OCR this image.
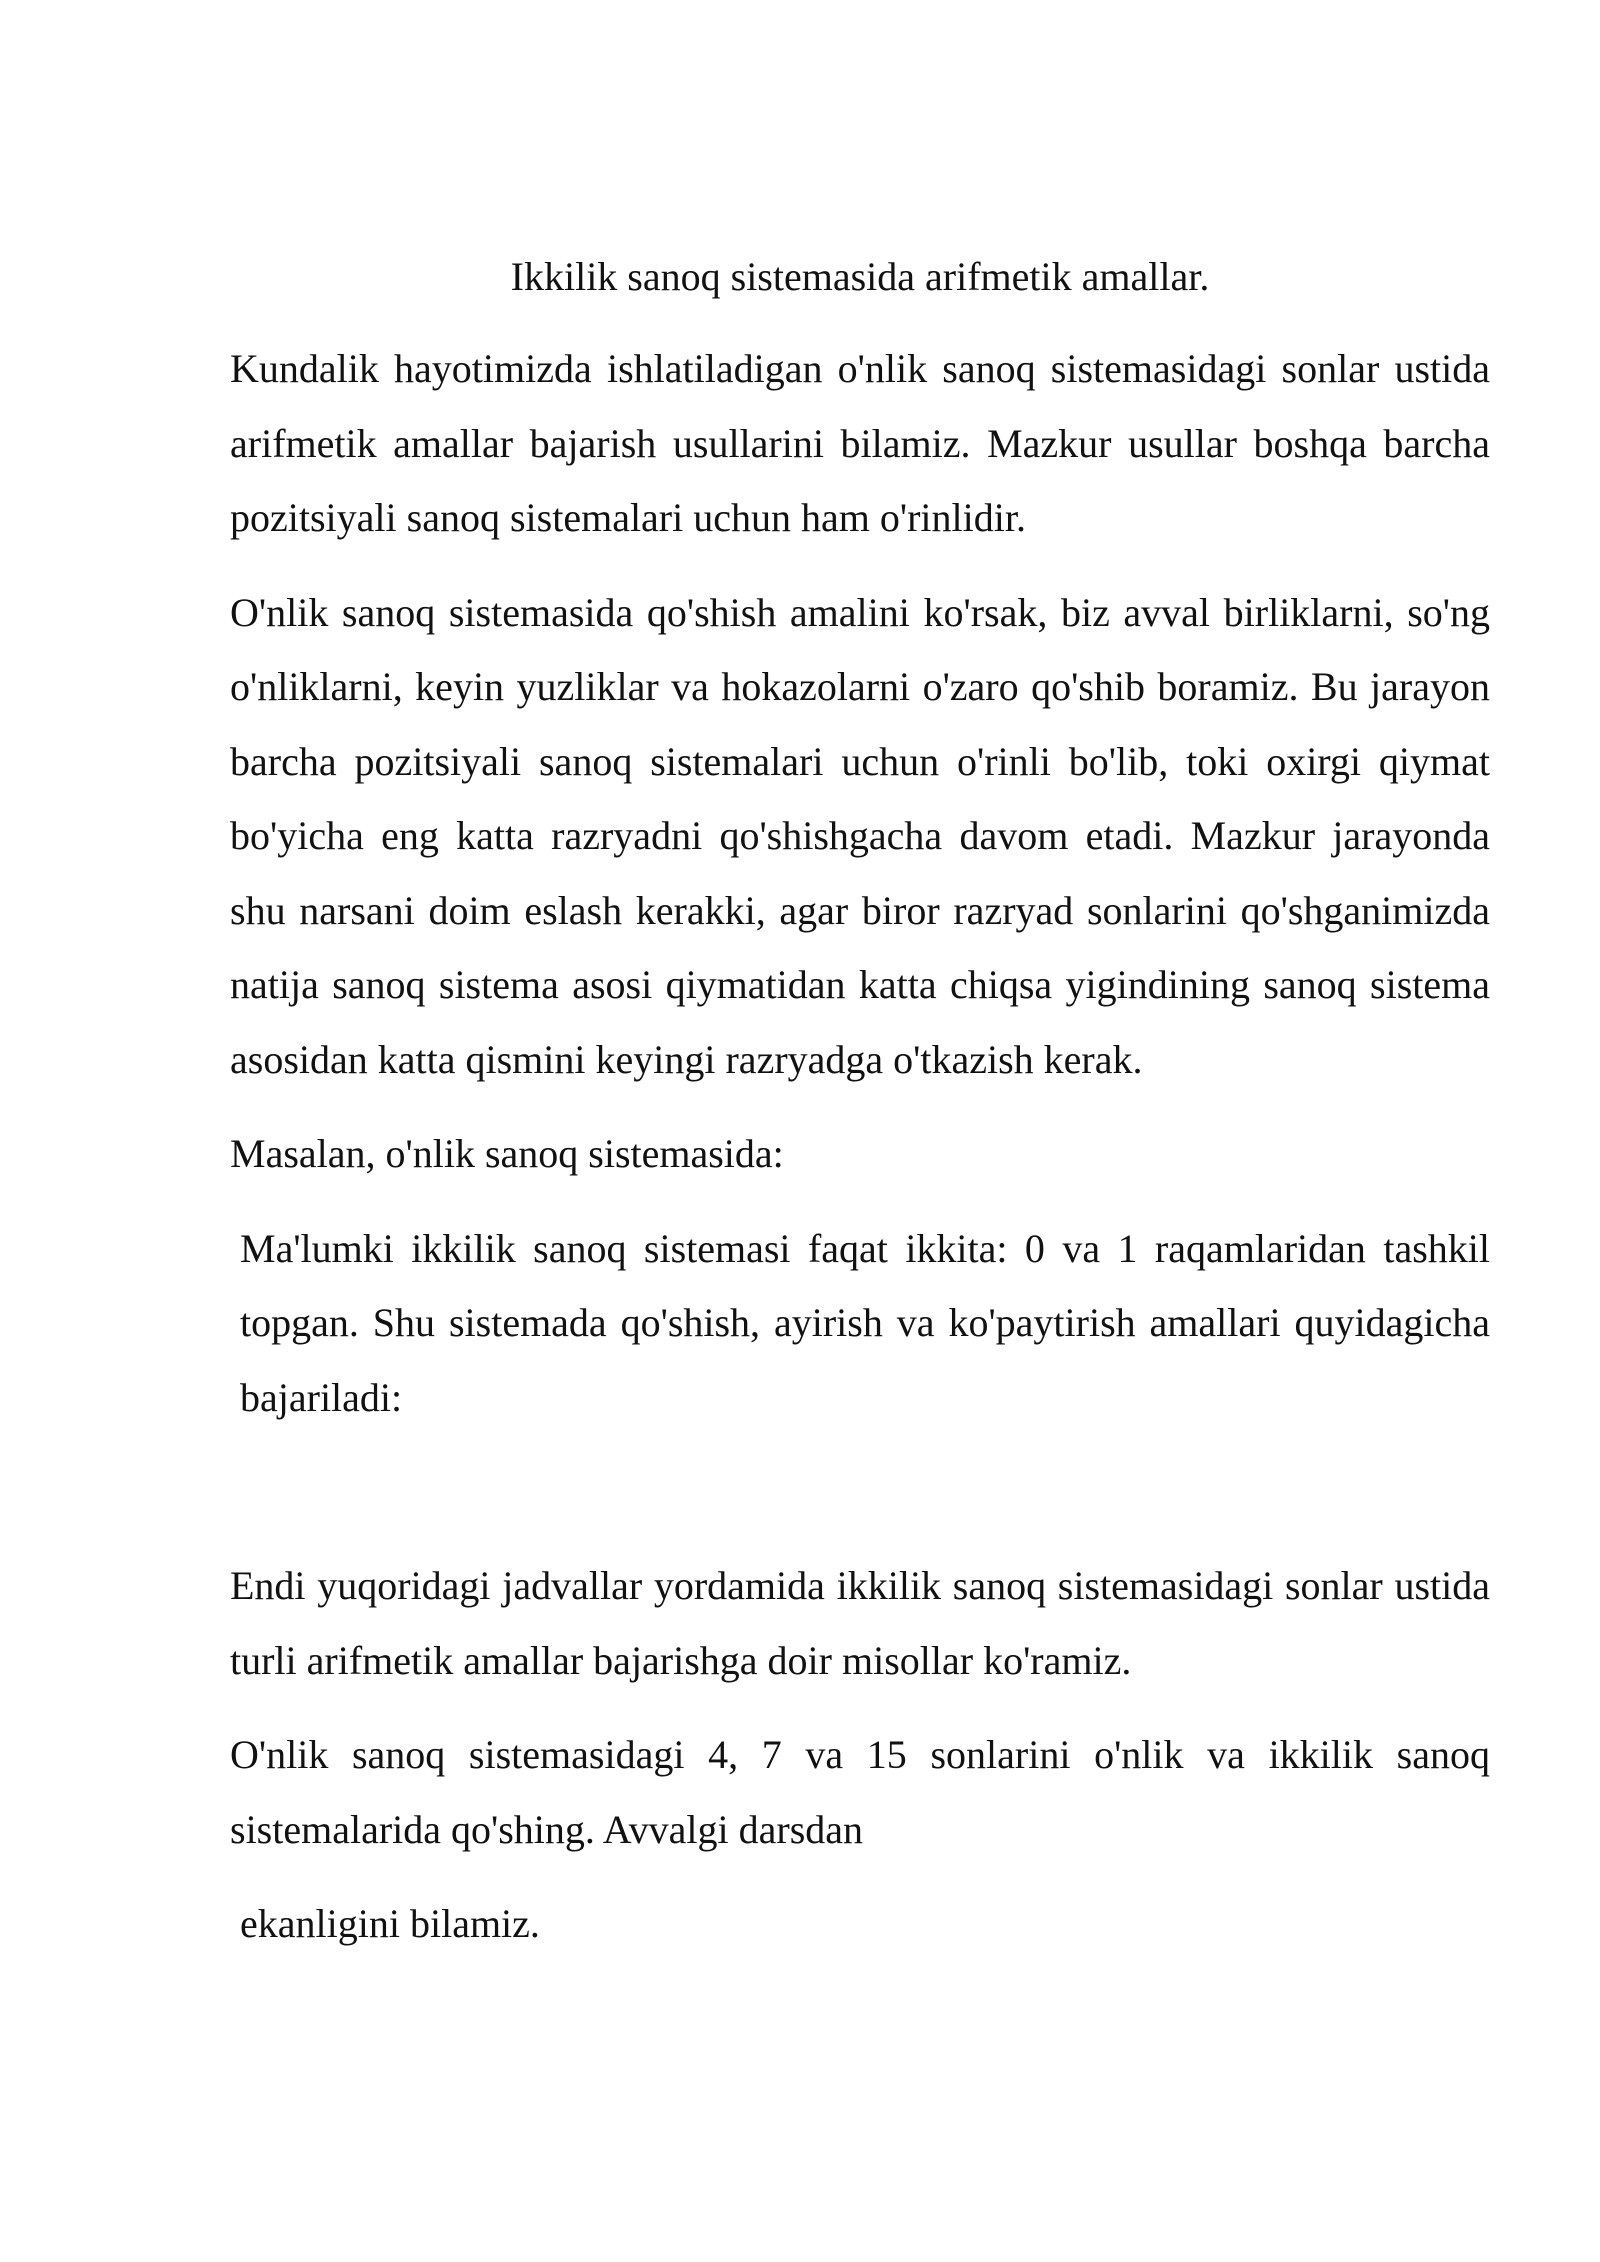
Ikkilik sanoq sistemasida arifmetik amallar.

Kundalik hayotimizda ishlatiladigan o'nlik sanoq sistemasidagi sonlar ustida arifmetik amallar bajarish usullarini bilamiz. Mazkur usullar boshqa barcha pozitsiyali sanoq sistemalari uchun ham o'rinlidir.

O'nlik sanoq sistemasida qo'shish amalini ko'rsak, biz avval birliklarni, so'ng o'nliklarni, keyin yuzliklar va hokazolarni o'zaro qo'shib boramiz. Bu jarayon barcha pozitsiyali sanoq sistemalari uchun o'rinli bo'lib, toki oxirgi qiymat bo'yicha eng katta razryadni qo'shishgacha davom etadi. Mazkur jarayonda shu narsani doim eslash kerakki, agar biror razryad sonlarini qo'shganimizda natija sanoq sistema asosi qiymatidan katta chiqsa yigindining sanoq sistema asosidan katta qismini keyingi razryadga o'tkazish kerak.

Masalan, o'nlik sanoq sistemasida:

Ma'lumki ikkilik sanoq sistemasi faqat ikkita: 0 va 1 raqamlaridan tashkil topgan. Shu sistemada qo'shish, ayirish va ko'paytirish amallari quyidagicha bajariladi:

Endi yuqoridagi jadvallar yordamida ikkilik sanoq sistemasidagi sonlar ustida turli arifmetik amallar bajarishga doir misollar ko'ramiz.

O'nlik sanoq sistemasidagi 4, 7 va 15 sonlarini o'nlik va ikkilik sanoq sistemalarida qo'shing. Avvalgi darsdan

ekanligini bilamiz.
